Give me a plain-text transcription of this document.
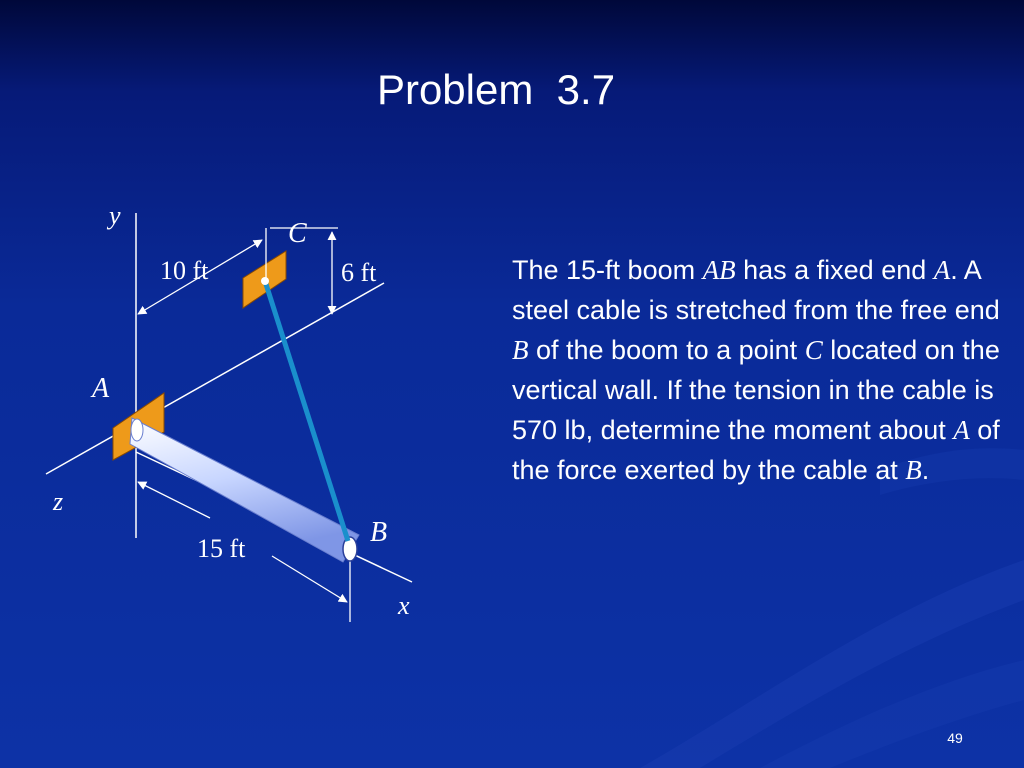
Problem  3.7
y
z
x
C
A
B
10 ft	6 ft
15 ft
The 15-ft boom AB has a fixed end A. A steel cable is stretched from the free end B of the boom to a point C located on the vertical wall. If the tension in the cable is 570 lb, determine the moment about A of the force exerted by the cable at B.
49
